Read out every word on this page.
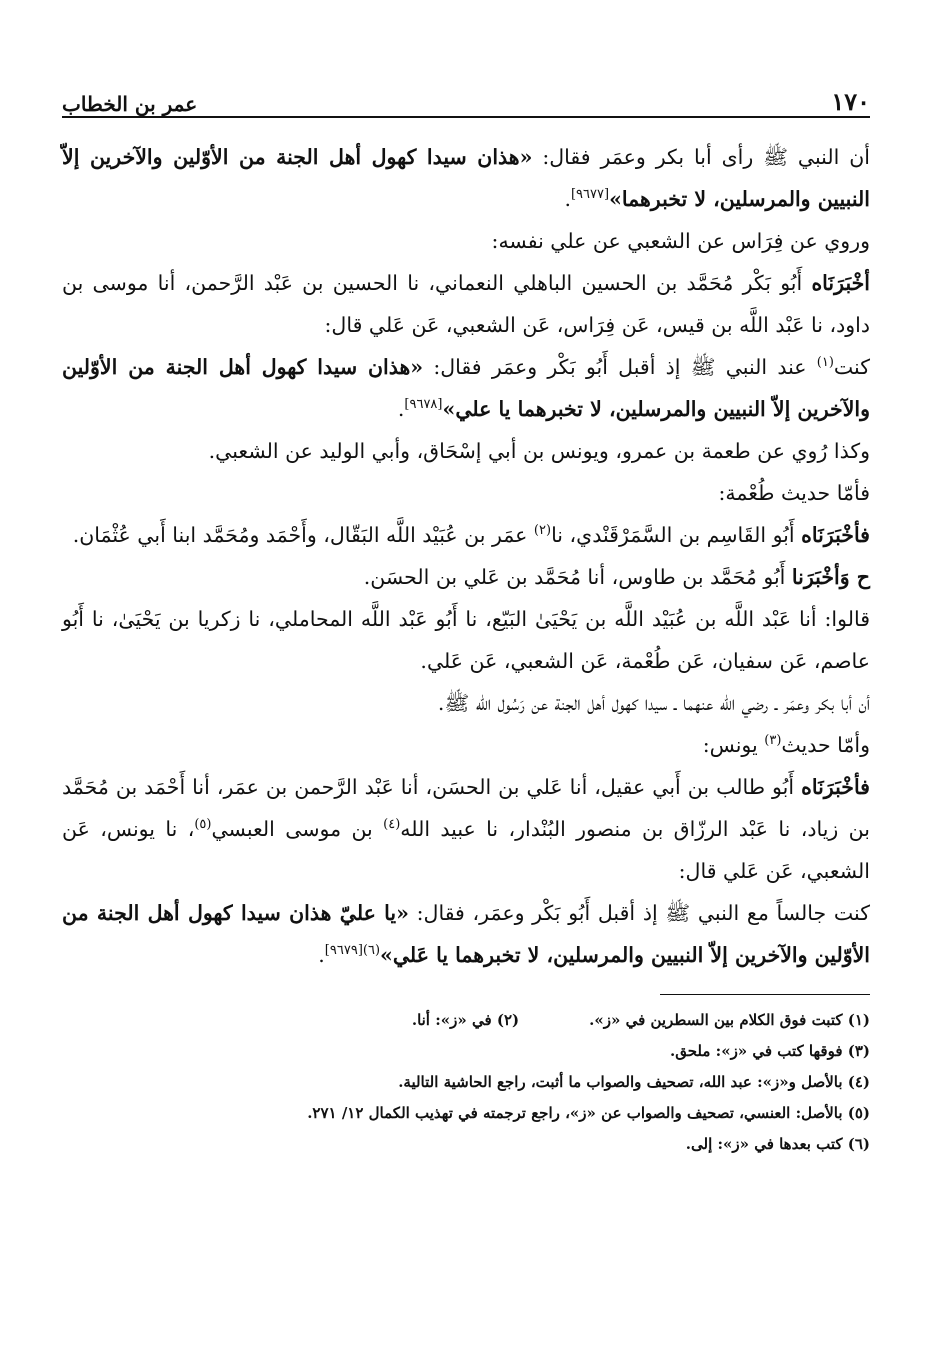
١٧٠
عمر بن الخطاب

أن النبي ﷺ رأى أبا بكر وعمَر فقال: «هذان سيدا كهول أهل الجنة من الأوّلين والآخرين إلاّ النبيين والمرسلين، لا تخبرهما»[٩٦٧٧].

وروي عن فِرَاس عن الشعبي عن علي نفسه:

أخْبَرَنَاه أَبُو بَكْر مُحَمَّد بن الحسين الباهلي النعماني، نا الحسين بن عَبْد الرَّحمن، أنا موسى بن داود، نا عَبْد اللَّه بن قيس، عَن فِرَاس، عَن الشعبي، عَن عَلي قال:

كنت$^{(١)}$ عند النبي ﷺ إذ أقبل أَبُو بَكْر وعمَر فقال: «هذان سيدا كهول أهل الجنة من الأوّلين والآخرين إلاّ النبيين والمرسلين، لا تخبرهما يا علي»[٩٦٧٨].

وكذا رُوي عن طعمة بن عمرو، ويونس بن أبي إسْحَاق، وأبي الوليد عن الشعبي.

فأمّا حديث طُعْمة:

فأخْبَرَنَاه أَبُو القَاسِم بن السَّمَرْقَنْدي، نا$^{(٢)}$ عمَر بن عُبَيْد اللَّه البَقّال، وأَحْمَد ومُحَمَّد ابنا أَبي عُثْمَان.

ح وَأخْبَرَنا أَبُو مُحَمَّد بن طاوس، أنا مُحَمَّد بن عَلي بن الحسَن.

قالوا: أنا عَبْد اللَّه بن عُبَيْد اللَّه بن يَحْيَىٰ البَيّع، نا أَبُو عَبْد اللَّه المحاملي، نا زكريا بن يَحْيَىٰ، نا أَبُو عاصم، عَن سفيان، عَن طُعْمة، عَن الشعبي، عَن عَلي.

أن أبا بكر وعمَر ـ رضي الله عنهما ـ سيدا كهول أهل الجنة عن رَسُول الله ﷺ.

وأمّا حديث$^{(٣)}$ يونس:

فأخْبَرَنَاه أَبُو طالب بن أَبي عقيل، أنا عَلي بن الحسَن، أنا عَبْد الرَّحمن بن عمَر، أنا أَحْمَد بن مُحَمَّد بن زياد، نا عَبْد الرزّاق بن منصور البُنْدار، نا عبيد الله$^{(٤)}$ بن موسى العبسي$^{(٥)}$، نا يونس، عَن الشعبي، عَن عَلي قال:

كنت جالساً مع النبي ﷺ إذ أقبل أَبُو بَكْر وعمَر، فقال: «يا عليّ هذان سيدا كهول أهل الجنة من الأوّلين والآخرين إلاّ النبيين والمرسلين، لا تخبرهما يا عَلي»$^{(٦)[٩٦٧٩]}$.

(١) كتبت فوق الكلام بين السطرين في «ز».
(٢) في «ز»: أنا.
(٣) فوقها كتب في «ز»: ملحق.
(٤) بالأصل و«ز»: عبد الله، تصحيف والصواب ما أثبت، راجع الحاشية التالية.
(٥) بالأصل: العنسي، تصحيف والصواب عن «ز»، راجع ترجمته في تهذيب الكمال ١٢/ ٢٧١.
(٦) كتب بعدها في «ز»: إلى.
